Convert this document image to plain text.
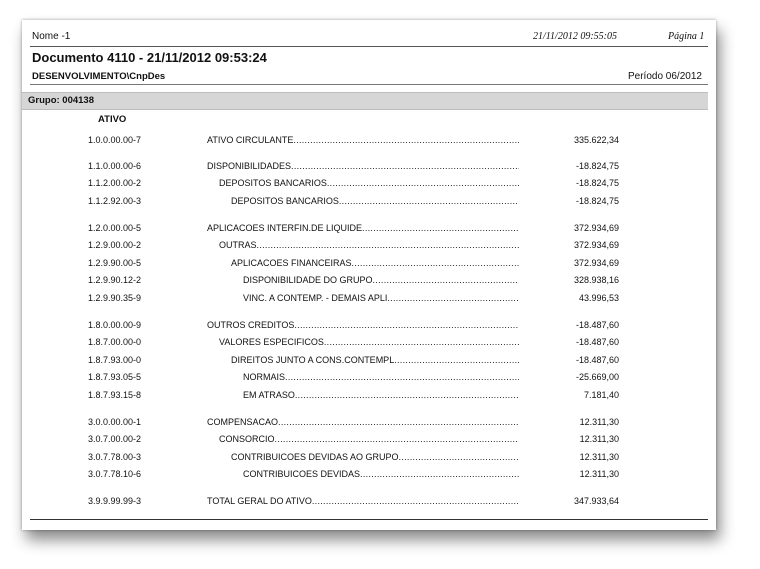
Nome -1	21/11/2012 09:55:05	Página 1
Documento 4110 - 21/11/2012 09:53:24
DESENVOLVIMENTO\CnpDes	Período 06/2012
Grupo: 004138
ATIVO
1.0.0.00.00-7	ATIVO CIRCULANTE .....	335.622,34
1.1.0.00.00-6	DISPONIBILIDADES .....	-18.824,75
1.1.2.00.00-2	DEPOSITOS BANCARIOS .....	-18.824,75
1.1.2.92.00-3	DEPOSITOS BANCARIOS .....	-18.824,75
1.2.0.00.00-5	APLICACOES INTERFIN.DE LIQUIDE .....	372.934,69
1.2.9.00.00-2	OUTRAS .....	372.934,69
1.2.9.90.00-5	APLICACOES FINANCEIRAS .....	372.934,69
1.2.9.90.12-2	DISPONIBILIDADE DO GRUPO .....	328.938,16
1.2.9.90.35-9	VINC. A CONTEMP. - DEMAIS APLI .....	43.996,53
1.8.0.00.00-9	OUTROS CREDITOS .....	-18.487,60
1.8.7.00.00-0	VALORES ESPECIFICOS .....	-18.487,60
1.8.7.93.00-0	DIREITOS JUNTO A CONS.CONTEMPL .....	-18.487,60
1.8.7.93.05-5	NORMAIS .....	-25.669,00
1.8.7.93.15-8	EM ATRASO .....	7.181,40
3.0.0.00.00-1	COMPENSACAO .....	12.311,30
3.0.7.00.00-2	CONSORCIO .....	12.311,30
3.0.7.78.00-3	CONTRIBUICOES DEVIDAS AO GRUPO .....	12.311,30
3.0.7.78.10-6	CONTRIBUICOES DEVIDAS .....	12.311,30
3.9.9.99.99-3	TOTAL GERAL DO ATIVO .....	347.933,64
